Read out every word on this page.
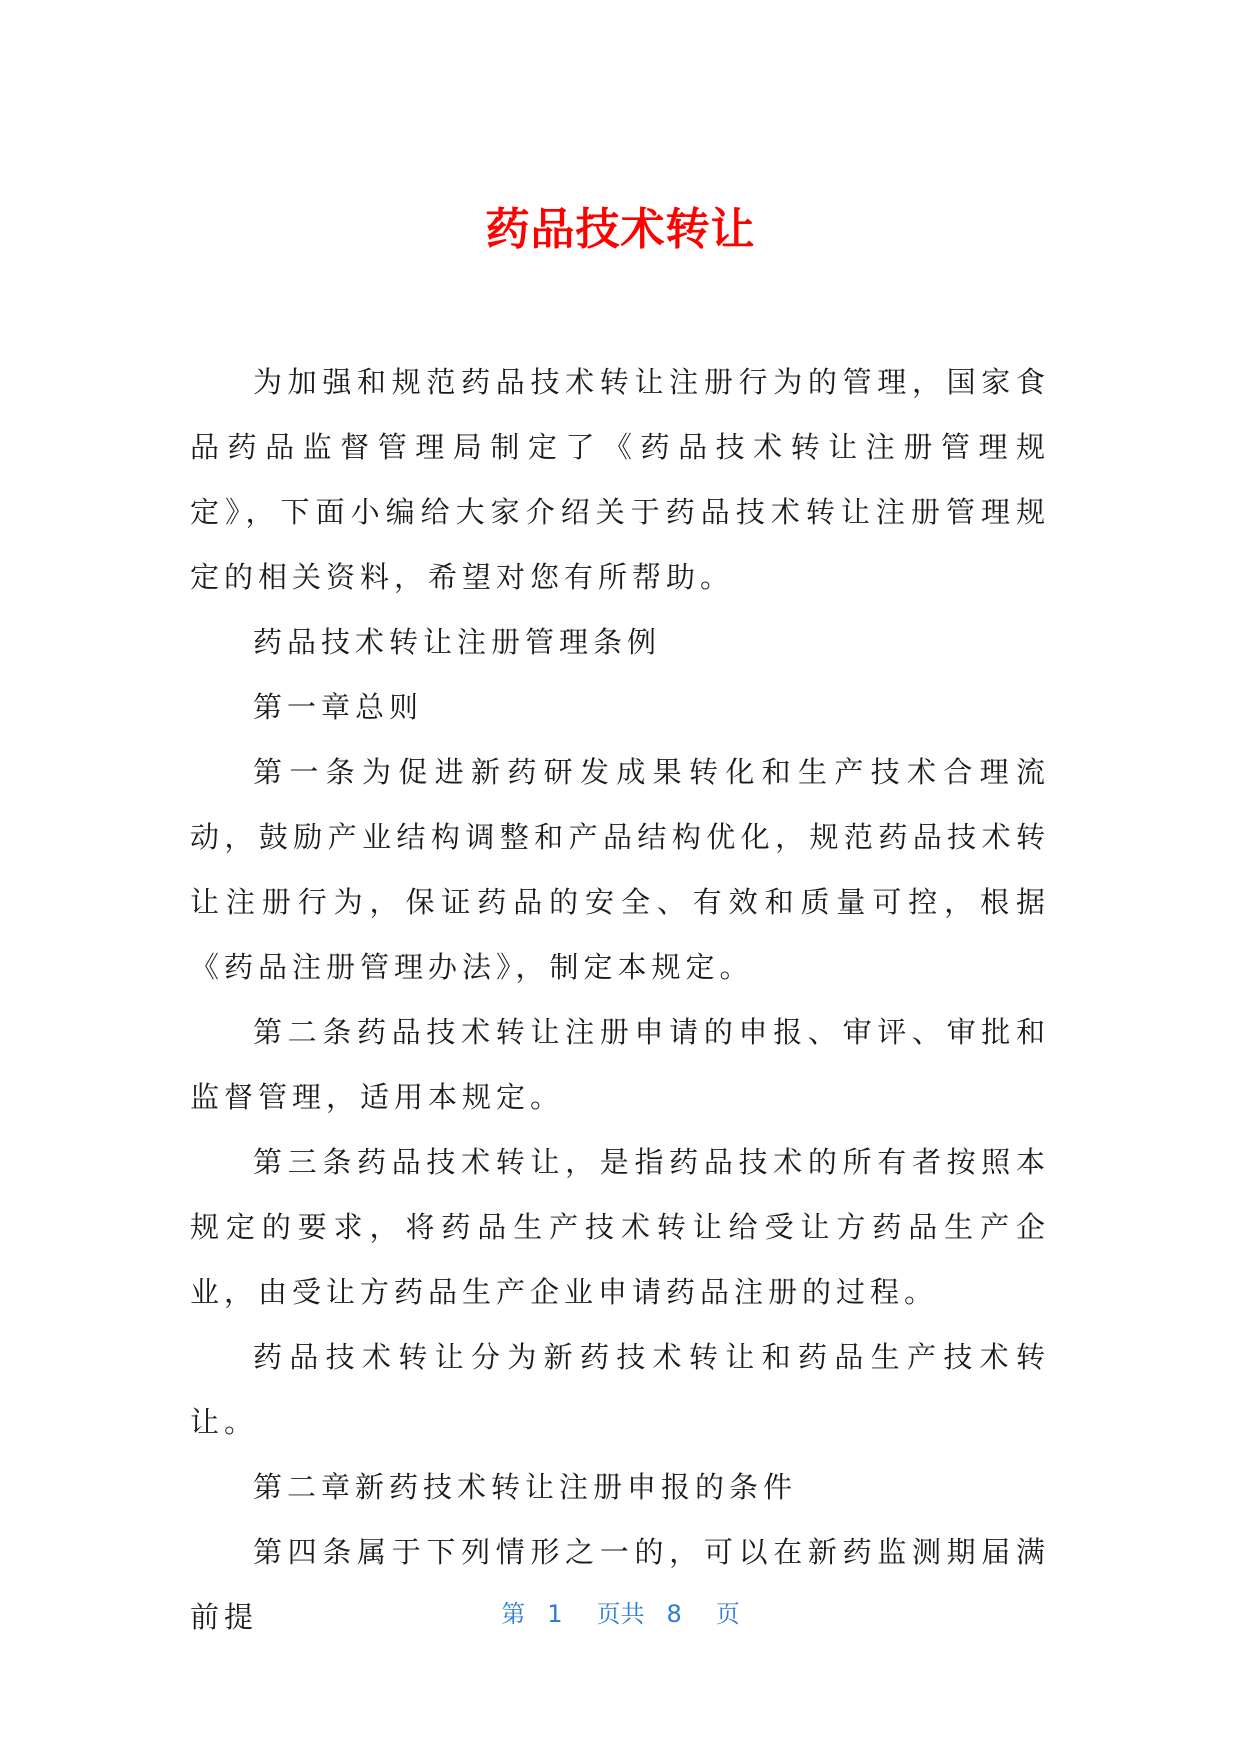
药品技术转让

为加强和规范药品技术转让注册行为的管理，国家食品药品监督管理局制定了《药品技术转让注册管理规定》，下面小编给大家介绍关于药品技术转让注册管理规定的相关资料，希望对您有所帮助。

药品技术转让注册管理条例

第一章总则

第一条为促进新药研发成果转化和生产技术合理流动，鼓励产业结构调整和产品结构优化，规范药品技术转让注册行为，保证药品的安全、有效和质量可控，根据《药品注册管理办法》，制定本规定。

第二条药品技术转让注册申请的申报、审评、审批和监督管理，适用本规定。

第三条药品技术转让，是指药品技术的所有者按照本规定的要求，将药品生产技术转让给受让方药品生产企业，由受让方药品生产企业申请药品注册的过程。

药品技术转让分为新药技术转让和药品生产技术转让。

第二章新药技术转让注册申报的条件

第四条属于下列情形之一的，可以在新药监测期届满前提	第 1 页共 8 页
